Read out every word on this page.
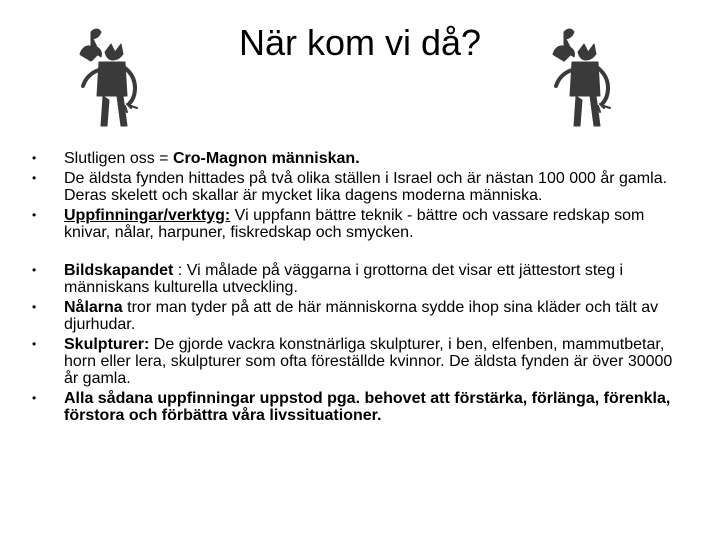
När kom vi då?
• Slutligen oss = Cro-Magnon människan.
• De äldsta fynden hittades på två olika ställen i Israel och är nästan 100 000 år gamla. Deras skelett och skallar är mycket lika dagens moderna människa.
• Uppfinningar/verktyg: Vi uppfann bättre teknik - bättre och vassare redskap som knivar, nålar, harpuner, fiskredskap och smycken.
• Bildskapandet : Vi målade på väggarna i grottorna det visar ett jättestort steg i människans kulturella utveckling.
• Nålarna tror man tyder på att de här människorna sydde ihop sina kläder och tält av djurhudar.
• Skulpturer: De gjorde vackra konstnärliga skulpturer, i ben, elfenben, mammutbetar, horn eller lera, skulpturer som ofta föreställde kvinnor. De äldsta fynden är över 30000 år gamla.
• Alla sådana uppfinningar uppstod pga. behovet att förstärka, förlänga, förenkla, förstora och förbättra våra livssituationer.
